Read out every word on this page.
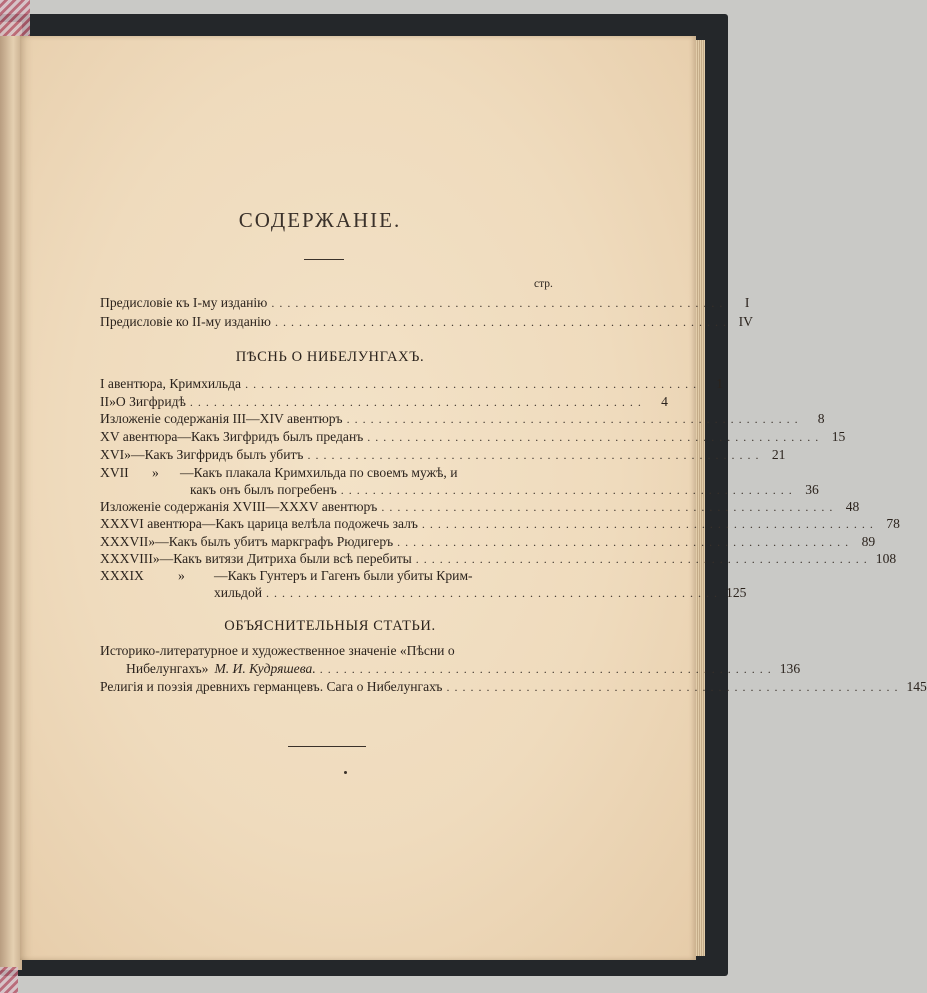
СОДЕРЖАНІЕ.
стр.
Предисловіе къ I-му изданію .........................................................	I
Предисловіе ко II-му изданію ......................................................... IV
ПѢСНЬ О НИБЕЛУНГАХЪ.
I авентюра, Кримхильда .........................................................	1
II » О Зигфридѣ .........................................................	4
Изложеніе содержанія III—XIV авентюръ .........................................................	8
XV авентюра—Какъ Зигфридъ былъ преданъ ......................................................... 15
XVI » —Какъ Зигфридъ былъ убитъ ......................................................... 21
XVII	»	—Какъ плакала Кримхильда по своемъ мужѣ, и
какъ онъ былъ погребенъ ......................................................... 36
Изложеніе содержанія XVIII—XXXV авентюръ ......................................................... 48
XXXVI авентюра—Какъ царица велѣла подожечь залъ ......................................................... 78
XXXVII » —Какъ былъ убитъ маркграфъ Рюдигеръ ......................................................... 89
XXXVIII » —Какъ витязи Дитриха были всѣ перебиты ......................................................... 108
XXXIX	»	—Какъ Гунтеръ и Гагенъ были убиты Крим-
хильдой ......................................................... 125
ОБЪЯСНИТЕЛЬНЫЯ СТАТЬИ.
Историко-литературное и художественное значеніе «Пѣсни о
Нибелунгахъ» М. И. Кудряшева. ......................................................... 136
Религія и поэзія древнихъ германцевъ. Сага о Нибелунгахъ ......................................................... 145
